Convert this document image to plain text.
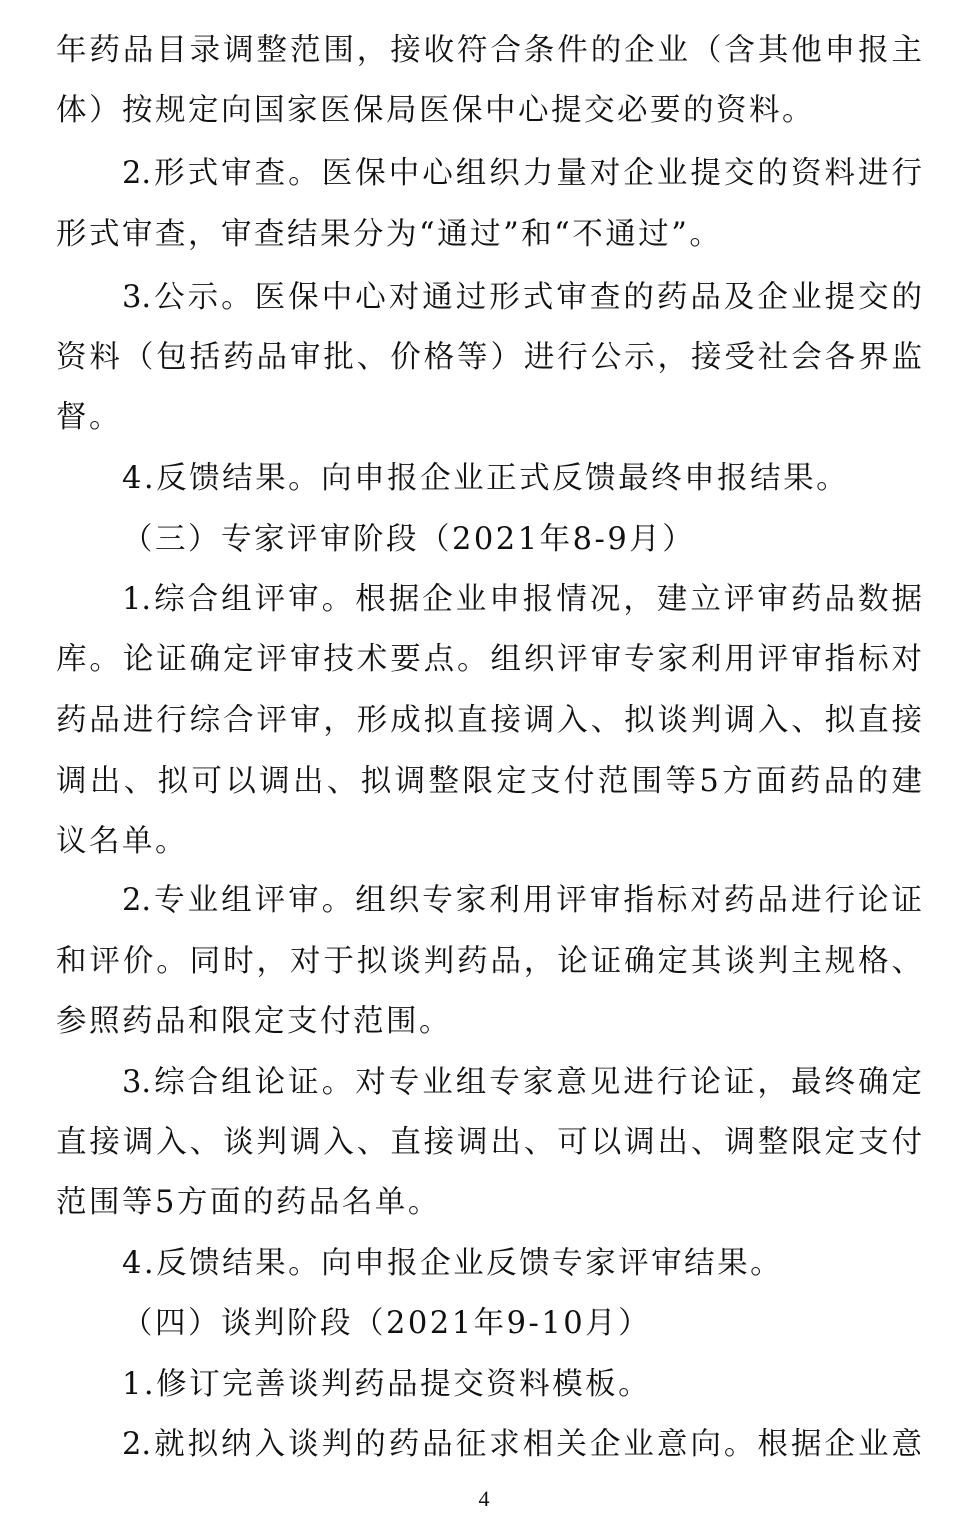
年药品目录调整范围，接收符合条件的企业（含其他申报主
体）按规定向国家医保局医保中心提交必要的资料。
2.形式审查。医保中心组织力量对企业提交的资料进行
形式审查，审查结果分为“通过”和“不通过”。
3.公示。医保中心对通过形式审查的药品及企业提交的
资料（包括药品审批、价格等）进行公示，接受社会各界监
督。
4.反馈结果。向申报企业正式反馈最终申报结果。
（三）专家评审阶段（2021年8-9月）
1.综合组评审。根据企业申报情况，建立评审药品数据
库。论证确定评审技术要点。组织评审专家利用评审指标对
药品进行综合评审，形成拟直接调入、拟谈判调入、拟直接
调出、拟可以调出、拟调整限定支付范围等5方面药品的建
议名单。
2.专业组评审。组织专家利用评审指标对药品进行论证
和评价。同时，对于拟谈判药品，论证确定其谈判主规格、
参照药品和限定支付范围。
3.综合组论证。对专业组专家意见进行论证，最终确定
直接调入、谈判调入、直接调出、可以调出、调整限定支付
范围等5方面的药品名单。
4.反馈结果。向申报企业反馈专家评审结果。
（四）谈判阶段（2021年9-10月）
1.修订完善谈判药品提交资料模板。
2.就拟纳入谈判的药品征求相关企业意向。根据企业意
4
